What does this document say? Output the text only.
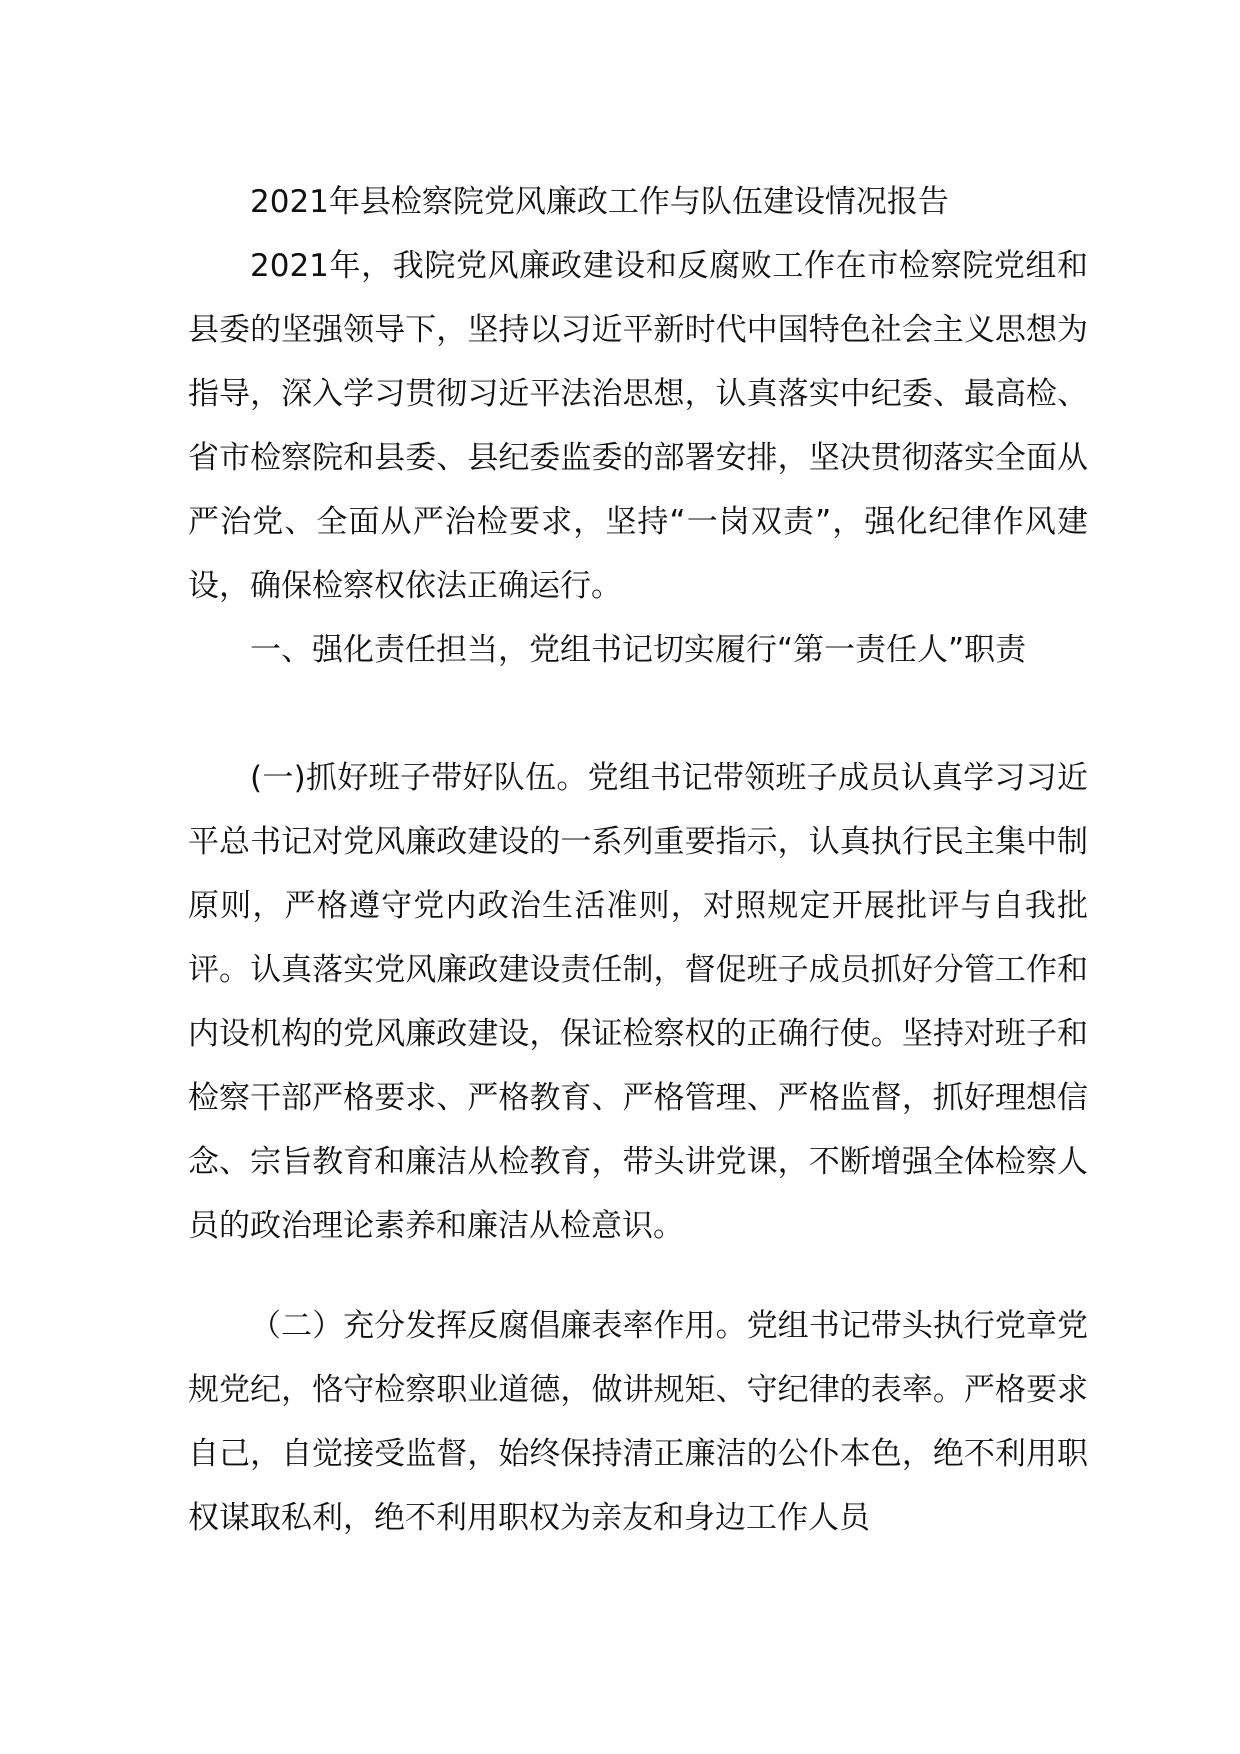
2021年县检察院党风廉政工作与队伍建设情况报告

2021年，我院党风廉政建设和反腐败工作在市检察院党组和县委的坚强领导下，坚持以习近平新时代中国特色社会主义思想为指导，深入学习贯彻习近平法治思想，认真落实中纪委、最高检、省市检察院和县委、县纪委监委的部署安排，坚决贯彻落实全面从严治党、全面从严治检要求，坚持“一岗双责”，强化纪律作风建设，确保检察权依法正确运行。

一、强化责任担当，党组书记切实履行“第一责任人”职责

(一)抓好班子带好队伍。党组书记带领班子成员认真学习习近平总书记对党风廉政建设的一系列重要指示，认真执行民主集中制原则，严格遵守党内政治生活准则，对照规定开展批评与自我批评。认真落实党风廉政建设责任制，督促班子成员抓好分管工作和内设机构的党风廉政建设，保证检察权的正确行使。坚持对班子和检察干部严格要求、严格教育、严格管理、严格监督，抓好理想信念、宗旨教育和廉洁从检教育，带头讲党课，不断增强全体检察人员的政治理论素养和廉洁从检意识。

（二）充分发挥反腐倡廉表率作用。党组书记带头执行党章党规党纪，恪守检察职业道德，做讲规矩、守纪律的表率。严格要求自己，自觉接受监督，始终保持清正廉洁的公仆本色，绝不利用职权谋取私利，绝不利用职权为亲友和身边工作人员
